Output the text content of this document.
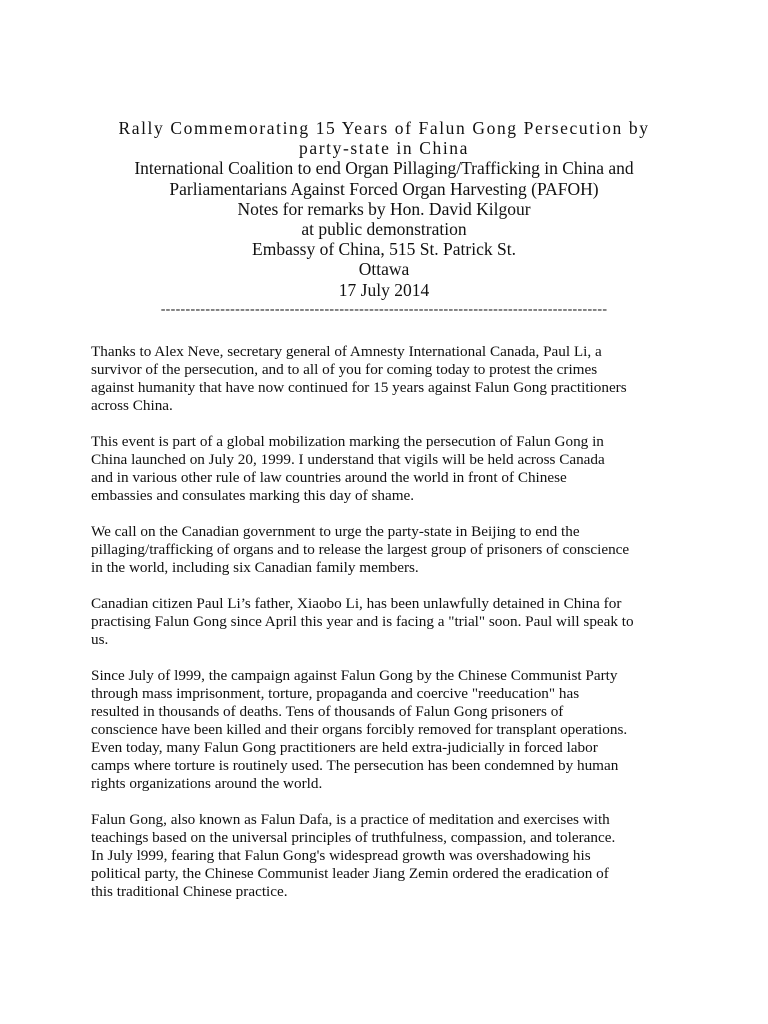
Rally Commemorating 15 Years of Falun Gong Persecution by
party-state in China
International Coalition to end Organ Pillaging/Trafficking in China and
Parliamentarians Against Forced Organ Harvesting (PAFOH)
Notes for remarks by Hon. David Kilgour
at public demonstration
Embassy of China, 515 St. Patrick St.
Ottawa
17 July 2014
------------------------------------------------------------------------------------------

Thanks to Alex Neve, secretary general of Amnesty International Canada, Paul Li, a
survivor of the persecution, and to all of you for coming today to protest the crimes
against humanity that have now continued for 15 years against Falun Gong practitioners
across China.

This event is part of a global mobilization marking the persecution of Falun Gong in
China launched on July 20, 1999. I understand that vigils will be held across Canada
and in various other rule of law countries around the world in front of Chinese
embassies and consulates marking this day of shame.

We call on the Canadian government to urge the party-state in Beijing to end the
pillaging/trafficking of organs and to release the largest group of prisoners of conscience
in the world, including six Canadian family members.

Canadian citizen Paul Li’s father, Xiaobo Li, has been unlawfully detained in China for
practising Falun Gong since April this year and is facing a "trial" soon. Paul will speak to
us.

Since July of l999, the campaign against Falun Gong by the Chinese Communist Party
through mass imprisonment, torture, propaganda and coercive "reeducation" has
resulted in thousands of deaths. Tens of thousands of Falun Gong prisoners of
conscience have been killed and their organs forcibly removed for transplant operations.
Even today, many Falun Gong practitioners are held extra-judicially in forced labor
camps where torture is routinely used. The persecution has been condemned by human
rights organizations around the world.

Falun Gong, also known as Falun Dafa, is a practice of meditation and exercises with
teachings based on the universal principles of truthfulness, compassion, and tolerance.
In July l999, fearing that Falun Gong's widespread growth was overshadowing his
political party, the Chinese Communist leader Jiang Zemin ordered the eradication of
this traditional Chinese practice.
